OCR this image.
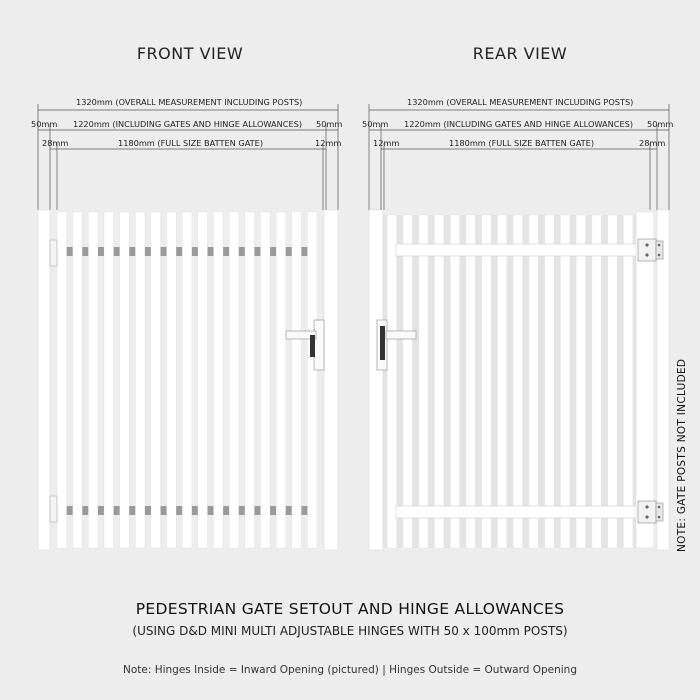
FRONT VIEW	REAR VIEW
1320mm (OVERALL MEASUREMENT INCLUDING POSTS)
50mm 1220mm (INCLUDING GATES AND HINGE ALLOWANCES) 50mm
28mm	1180mm (FULL SIZE BATTEN GATE)	12mm
1320mm (OVERALL MEASUREMENT INCLUDING POSTS)
50mm 1220mm (INCLUDING GATES AND HINGE ALLOWANCES) 50mm
12mm	1180mm (FULL SIZE BATTEN GATE)	28mm
NOTE: GATE POSTS NOT INCLUDED
PEDESTRIAN GATE SETOUT AND HINGE ALLOWANCES
(USING D&D MINI MULTI ADJUSTABLE HINGES WITH 50 x 100mm POSTS)
Note: Hinges Inside = Inward Opening (pictured) | Hinges Outside = Outward Opening
